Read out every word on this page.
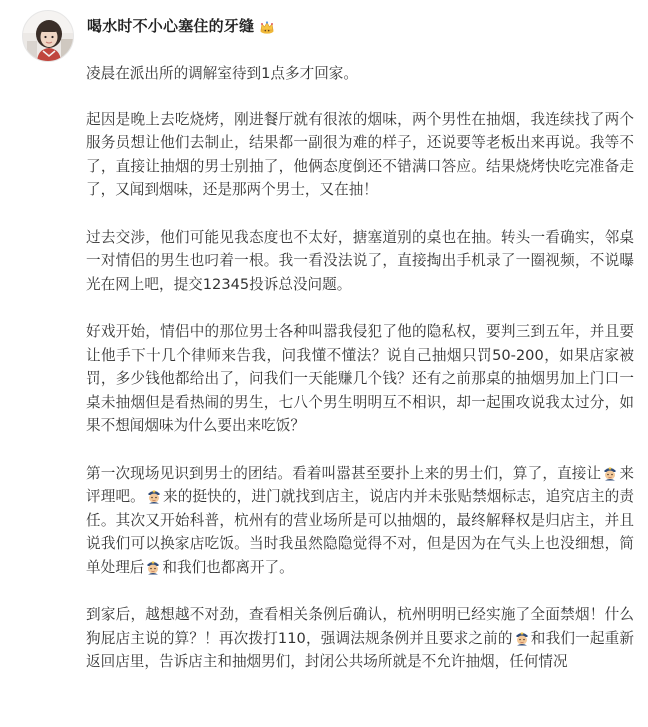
喝水时不小心塞住的牙缝

凌晨在派出所的调解室待到1点多才回家。

起因是晚上去吃烧烤，刚进餐厅就有很浓的烟味，两个男性在抽烟，我连续找了两个服务员想让他们去制止，结果都一副很为难的样子，还说要等老板出来再说。我等不了，直接让抽烟的男士别抽了，他俩态度倒还不错满口答应。结果烧烤快吃完准备走了，又闻到烟味，还是那两个男士，又在抽！

过去交涉，他们可能见我态度也不太好，搪塞道别的桌也在抽。转头一看确实，邻桌一对情侣的男生也叼着一根。我一看没法说了，直接掏出手机录了一圈视频，不说曝光在网上吧，提交12345投诉总没问题。

好戏开始，情侣中的那位男士各种叫嚣我侵犯了他的隐私权，要判三到五年，并且要让他手下十几个律师来告我，问我懂不懂法？说自己抽烟只罚50-200，如果店家被罚，多少钱他都给出了，问我们一天能赚几个钱？还有之前那桌的抽烟男加上门口一桌未抽烟但是看热闹的男生，七八个男生明明互不相识，却一起围攻说我太过分，如果不想闻烟味为什么要出来吃饭？

第一次现场见识到男士的团结。看着叫嚣甚至要扑上来的男士们，算了，直接让 来评理吧。 来的挺快的，进门就找到店主，说店内并未张贴禁烟标志，追究店主的责任。其次又开始科普，杭州有的营业场所是可以抽烟的，最终解释权是归店主，并且说我们可以换家店吃饭。当时我虽然隐隐觉得不对，但是因为在气头上也没细想，简单处理后 和我们也都离开了。

到家后，越想越不对劲，查看相关条例后确认，杭州明明已经实施了全面禁烟！什么狗屁店主说的算？！再次拨打110，强调法规条例并且要求之前的 和我们一起重新返回店里，告诉店主和抽烟男们，封闭公共场所就是不允许抽烟，任何情况
